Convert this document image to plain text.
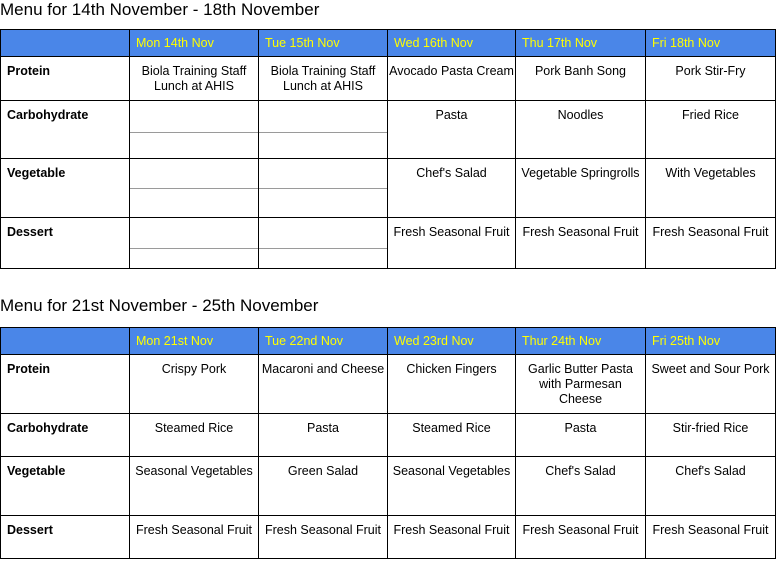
Menu for 14th November - 18th November
	Mon 14th Nov	Tue 15th Nov	Wed 16th Nov	Thu 17th Nov	Fri 18th Nov
Protein	Biola Training Staff Lunch at AHIS	Biola Training Staff Lunch at AHIS	Avocado Pasta Cream	Pork Banh Song	Pork Stir-Fry
Carbohydrate			Pasta	Noodles	Fried Rice
Vegetable			Chef's Salad	Vegetable Springrolls	With Vegetables
Dessert			Fresh Seasonal Fruit	Fresh Seasonal Fruit	Fresh Seasonal Fruit
Menu for 21st November - 25th November
	Mon 21st Nov	Tue 22nd Nov	Wed 23rd Nov	Thur 24th Nov	Fri 25th Nov
Protein	Crispy Pork	Macaroni and Cheese	Chicken Fingers	Garlic Butter Pasta with Parmesan Cheese	Sweet and Sour Pork
Carbohydrate	Steamed Rice	Pasta	Steamed Rice	Pasta	Stir-fried Rice
Vegetable	Seasonal Vegetables	Green Salad	Seasonal Vegetables	Chef's Salad	Chef's Salad
Dessert	Fresh Seasonal Fruit	Fresh Seasonal Fruit	Fresh Seasonal Fruit	Fresh Seasonal Fruit	Fresh Seasonal Fruit
